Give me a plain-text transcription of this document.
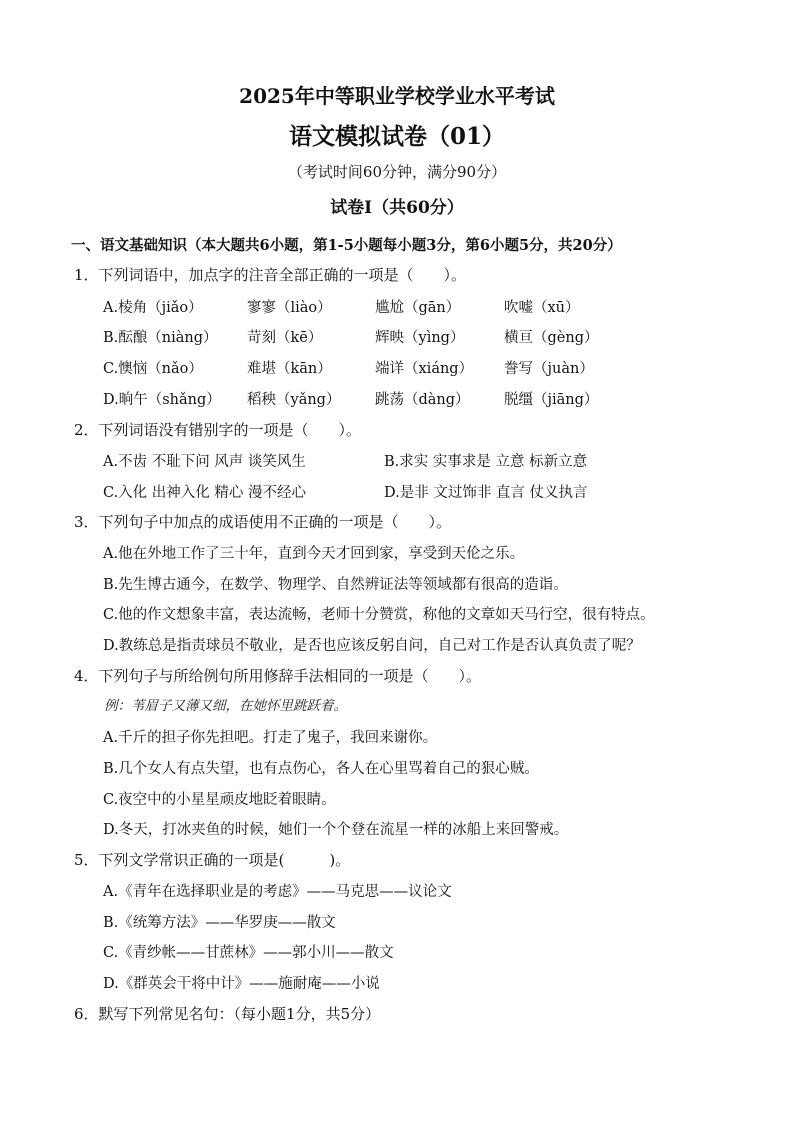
2025年中等职业学校学业水平考试
语文模拟试卷（01）
（考试时间60分钟，满分90分）
试卷Ⅰ（共60分）
一、语文基础知识（本大题共6小题，第1-5小题每小题3分，第6小题5分，共20分）
1．下列词语中，加点字的注音全部正确的一项是（　　）。
A.棱角（jiǎo）	寥寥（liào）	尴尬（gān）	吹嘘（xū）
B.酝酿（niàng） 苛刻（kē）	辉映（yìng）	横亘（gèng）
C.懊恼（nǎo）	难堪（kān）	端详（xiáng） 誊写（juàn）
D.晌午（shǎng） 稻秧（yǎng） 跳荡（dàng） 脱缰（jiāng）
2．下列词语没有错别字的一项是（　　）。
A.不齿 不耻下问 风声 谈笑风生	B.求实 实事求是 立意 标新立意
C.入化 出神入化 精心 漫不经心	D.是非 文过饰非 直言 仗义执言
3．下列句子中加点的成语使用不正确的一项是（　　）。
A.他在外地工作了三十年，直到今天才回到家，享受到天伦之乐。
B.先生博古通今，在数学、物理学、自然辨证法等领域都有很高的造诣。
C.他的作文想象丰富，表达流畅，老师十分赞赏，称他的文章如天马行空，很有特点。
D.教练总是指责球员不敬业，是否也应该反躬自问，自己对工作是否认真负责了呢？
4．下列句子与所给例句所用修辞手法相同的一项是（　　）。
例：苇眉子又薄又细，在她怀里跳跃着。
A.千斤的担子你先担吧。打走了鬼子，我回来谢你。
B.几个女人有点失望，也有点伤心，各人在心里骂着自己的狠心贼。
C.夜空中的小星星顽皮地眨着眼睛。
D.冬天，打冰夹鱼的时候，她们一个个登在流星一样的冰船上来回警戒。
5．下列文学常识正确的一项是(　　　)。
A.《青年在选择职业是的考虑》——马克思——议论文
B.《统筹方法》——华罗庚——散文
C.《青纱帐——甘蔗林》——郭小川——散文
D.《群英会干将中计》——施耐庵——小说
6．默写下列常见名句：（每小题1分，共5分）
